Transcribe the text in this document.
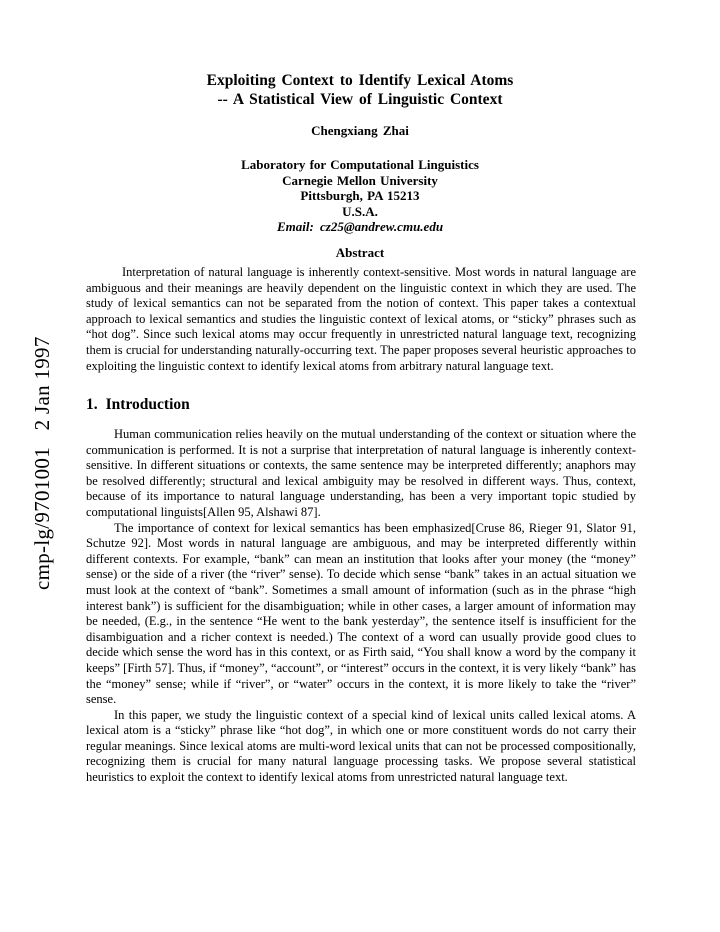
cmp-lg/9701001   2 Jan 1997
Exploiting Context to Identify Lexical Atoms
-- A Statistical View of Linguistic Context
Chengxiang Zhai
Laboratory for Computational Linguistics
Carnegie Mellon University
Pittsburgh, PA 15213
U.S.A.
Email: cz25@andrew.cmu.edu
Abstract

Interpretation of natural language is inherently context-sensitive. Most words in natural language are ambiguous and their meanings are heavily dependent on the linguistic context in which they are used. The study of lexical semantics can not be separated from the notion of context. This paper takes a contextual approach to lexical semantics and studies the linguistic context of lexical atoms, or “sticky” phrases such as “hot dog”. Since such lexical atoms may occur frequently in unrestricted natural language text, recognizing them is crucial for understanding naturally-occurring text. The paper proposes several heuristic approaches to exploiting the linguistic context to identify lexical atoms from arbitrary natural language text.

1. Introduction

Human communication relies heavily on the mutual understanding of the context or situation where the communication is performed. It is not a surprise that interpretation of natural language is inherently context-sensitive. In different situations or contexts, the same sentence may be interpreted differently; anaphors may be resolved differently; structural and lexical ambiguity may be resolved in different ways. Thus, context, because of its importance to natural language understanding, has been a very important topic studied by computational linguists[Allen 95, Alshawi 87].

The importance of context for lexical semantics has been emphasized[Cruse 86, Rieger 91, Slator 91, Schutze 92]. Most words in natural language are ambiguous, and may be interpreted differently within different contexts. For example, “bank” can mean an institution that looks after your money (the “money” sense) or the side of a river (the “river” sense). To decide which sense “bank” takes in an actual situation we must look at the context of “bank”. Sometimes a small amount of information (such as in the phrase “high interest bank”) is sufficient for the disambiguation; while in other cases, a larger amount of information may be needed, (E.g., in the sentence “He went to the bank yesterday”, the sentence itself is insufficient for the disambiguation and a richer context is needed.) The context of a word can usually provide good clues to decide which sense the word has in this context, or as Firth said, “You shall know a word by the company it keeps” [Firth 57]. Thus, if “money”, “account”, or “interest” occurs in the context, it is very likely “bank” has the “money” sense; while if “river”, or “water” occurs in the context, it is more likely to take the “river” sense.

In this paper, we study the linguistic context of a special kind of lexical units called lexical atoms. A lexical atom is a “sticky” phrase like “hot dog”, in which one or more constituent words do not carry their regular meanings. Since lexical atoms are multi-word lexical units that can not be processed compositionally, recognizing them is crucial for many natural language processing tasks. We propose several statistical heuristics to exploit the context to identify lexical atoms from unrestricted natural language text.
